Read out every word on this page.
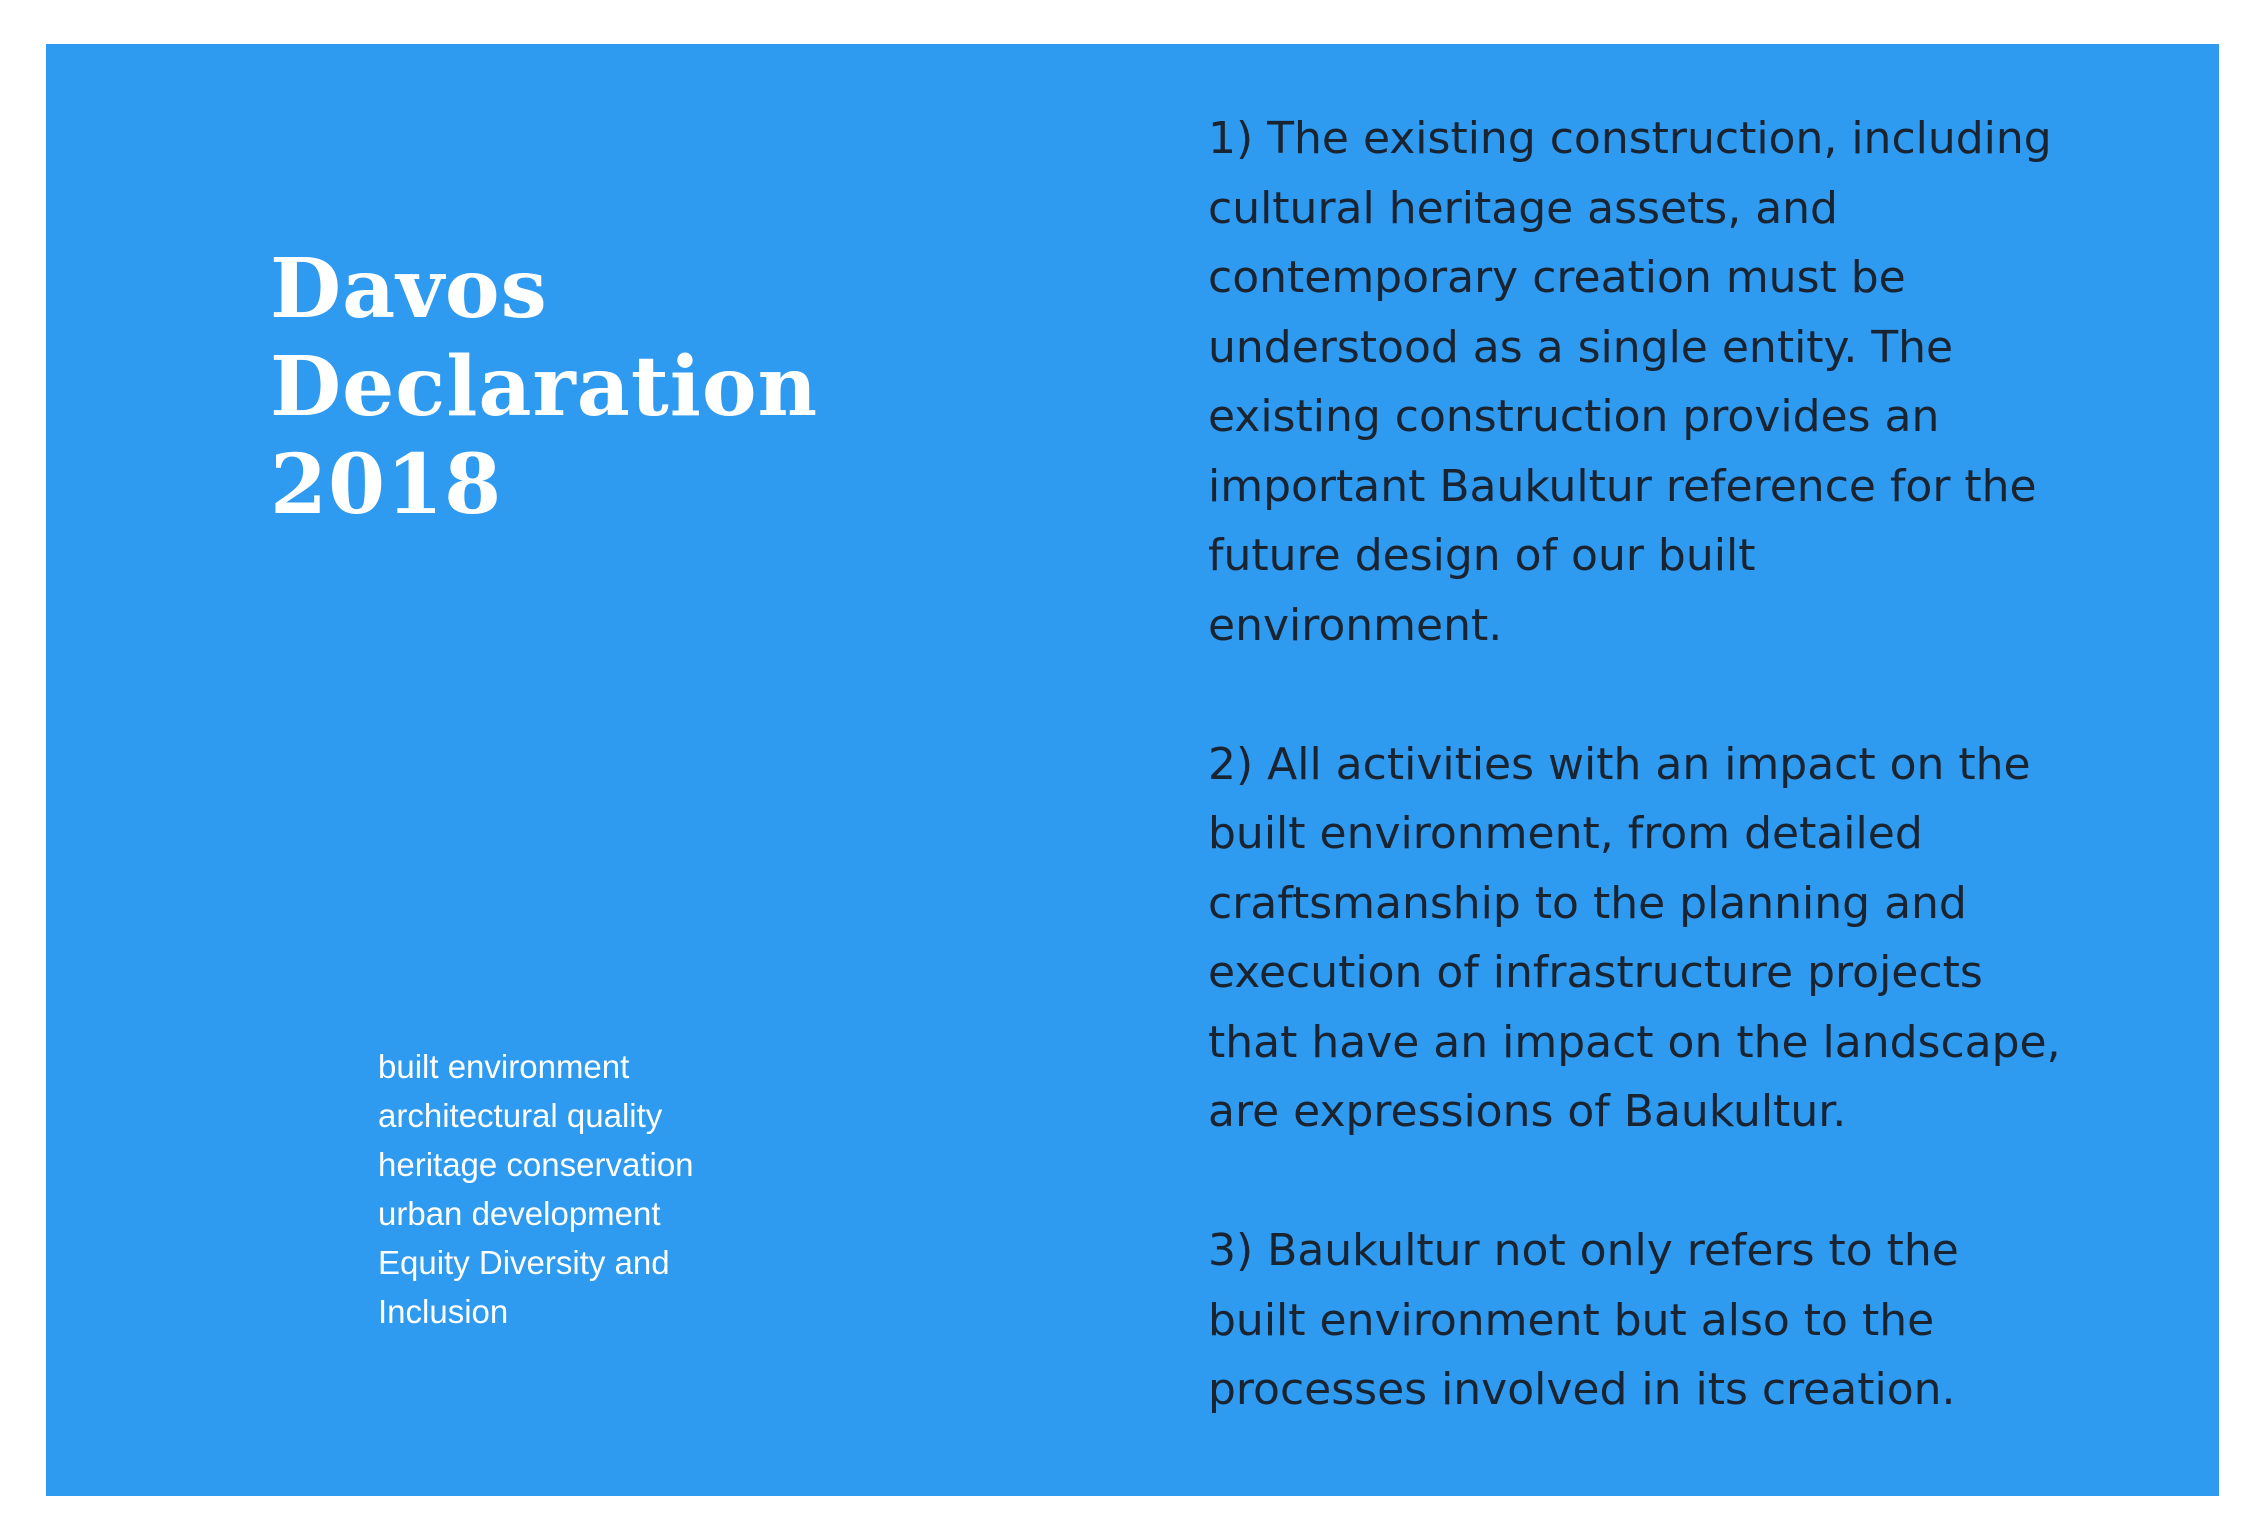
Davos
Declaration
2018
built environment
architectural quality
heritage conservation
urban development
Equity Diversity and
Inclusion

1) The existing construction, including
cultural heritage assets, and
contemporary creation must be
understood as a single entity. The
existing construction provides an
important Baukultur reference for the
future design of our built
environment.

2) All activities with an impact on the
built environment, from detailed
craftsmanship to the planning and
execution of infrastructure projects
that have an impact on the landscape,
are expressions of Baukultur.

3) Baukultur not only refers to the
built environment but also to the
processes involved in its creation.
